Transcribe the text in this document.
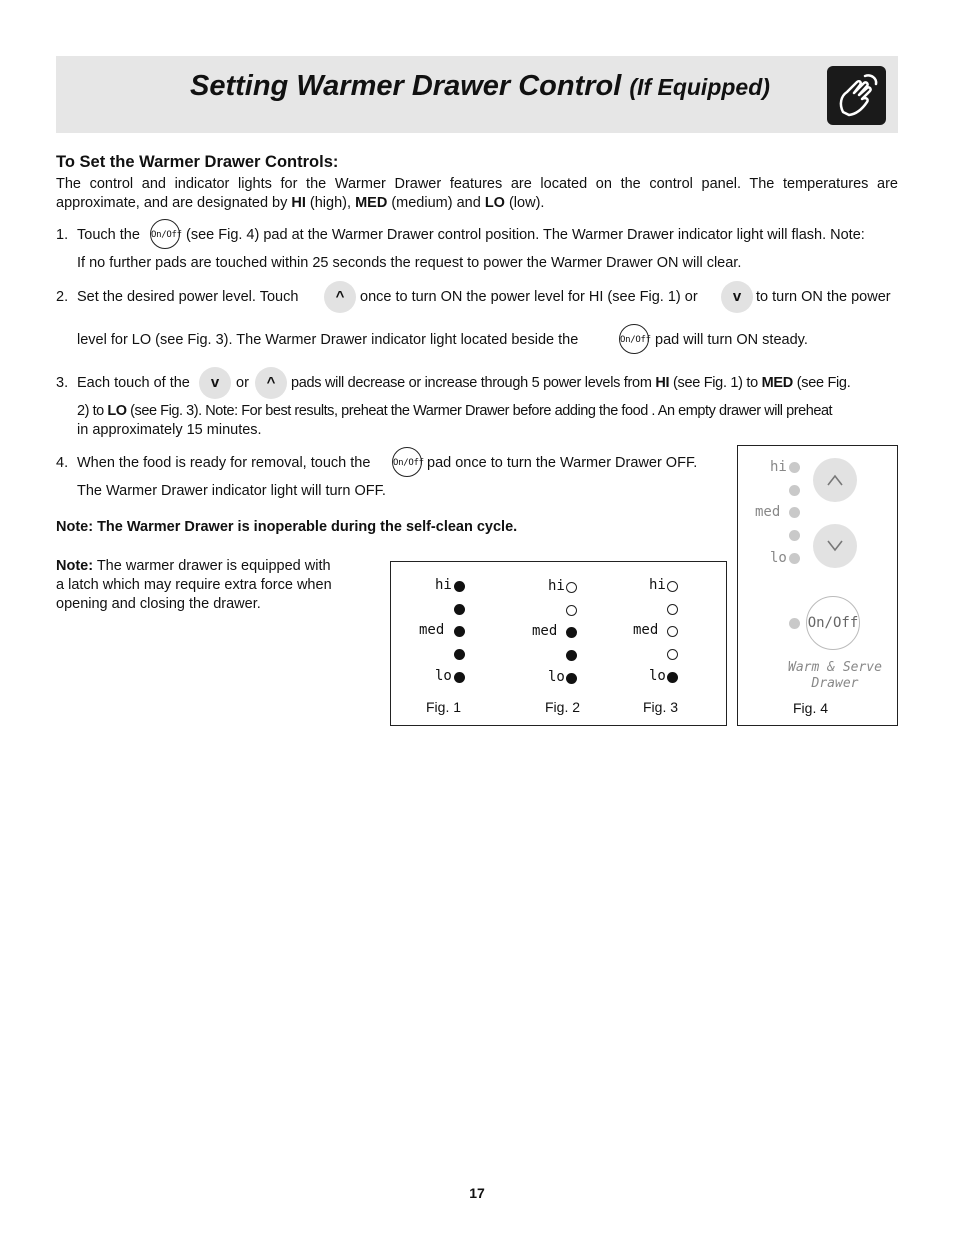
Setting Warmer Drawer Control (If Equipped)
To Set the Warmer Drawer Controls:
The control and indicator lights for the Warmer Drawer features are located on the control panel. The temperatures are approximate, and are designated by HI (high), MED (medium) and LO (low).
1. Touch the On/Off (see Fig. 4) pad at the Warmer Drawer control position. The Warmer Drawer indicator light will flash. Note:
If no further pads are touched within 25 seconds the request to power the Warmer Drawer ON will clear.
2. Set the desired power level. Touch	^	once to turn ON the power level for HI (see Fig. 1) or	v	to turn ON the power
level for LO (see Fig. 3). The Warmer Drawer indicator light located beside the	On/Off pad will turn ON steady.
3. Each touch of the	v	or	^	pads will decrease or increase through 5 power levels from HI (see Fig. 1) to MED (see Fig.
2) to LO (see Fig. 3). Note: For best results, preheat the Warmer Drawer before adding the food . An empty drawer will preheat
in approximately 15 minutes.
4. When the food is ready for removal, touch the	On/Off pad once to turn the Warmer Drawer OFF.
The Warmer Drawer indicator light will turn OFF.
Note: The Warmer Drawer is inoperable during the self-clean cycle.
Note: The warmer drawer is equipped with
a latch which may require extra force when
opening and closing the drawer.
hi
med
lo
Fig. 1
hi
med
lo
Fig. 2
hi
med
lo
Fig. 3
hi
med
lo
On/Off
Warm & Serve
Drawer
Fig. 4
17
